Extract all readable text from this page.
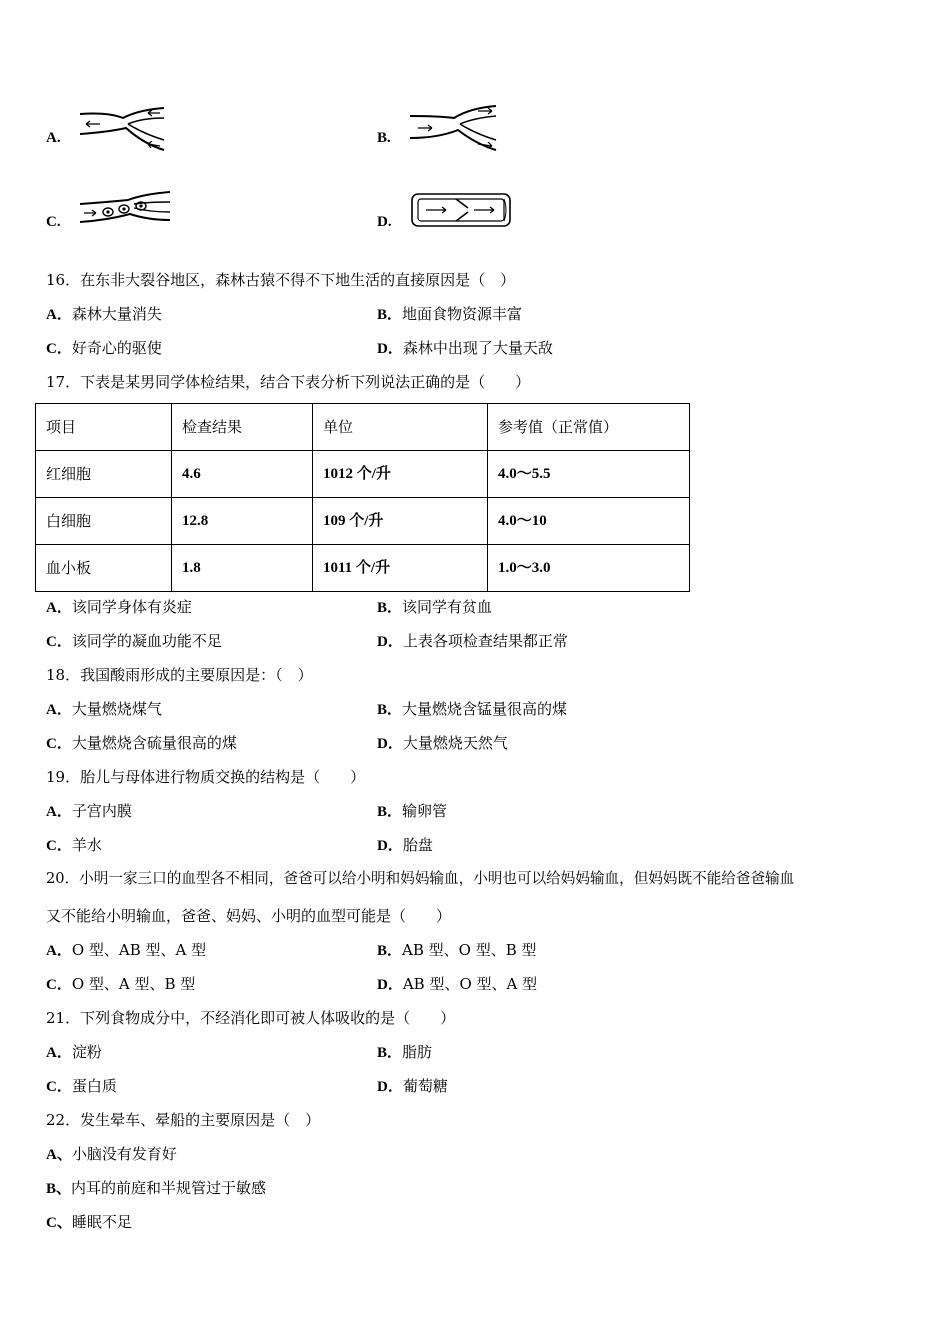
A.	B.
C.	D.
16．在东非大裂谷地区，森林古猿不得不下地生活的直接原因是（　）
A．森林大量消失	B．地面食物资源丰富
C．好奇心的驱使	D．森林中出现了大量天敌
17．下表是某男同学体检结果，结合下表分析下列说法正确的是（　　）
项目	检查结果	单位	参考值（正常值）
红细胞	4.6	1012 个/升	4.0～5.5
白细胞	12.8	109 个/升	4.0～10
血小板	1.8	1011 个/升	1.0～3.0
A．该同学身体有炎症	B．该同学有贫血
C．该同学的凝血功能不足	D．上表各项检查结果都正常
18．我国酸雨形成的主要原因是：（　）
A．大量燃烧煤气	B．大量燃烧含锰量很高的煤
C．大量燃烧含硫量很高的煤	D．大量燃烧天然气
19．胎儿与母体进行物质交换的结构是（　　）
A．子宫内膜	B．输卵管
C．羊水	D．胎盘
20．小明一家三口的血型各不相同，爸爸可以给小明和妈妈输血，小明也可以给妈妈输血，但妈妈既不能给爸爸输血
又不能给小明输血，爸爸、妈妈、小明的血型可能是（　　）
A．O 型、AB 型、A 型	B．AB 型、O 型、B 型
C．O 型、A 型、B 型	D．AB 型、O 型、A 型
21．下列食物成分中，不经消化即可被人体吸收的是（　　）
A．淀粉	B．脂肪
C．蛋白质	D．葡萄糖
22．发生晕车、晕船的主要原因是（　）
A、小脑没有发育好
B、内耳的前庭和半规管过于敏感
C、睡眠不足
